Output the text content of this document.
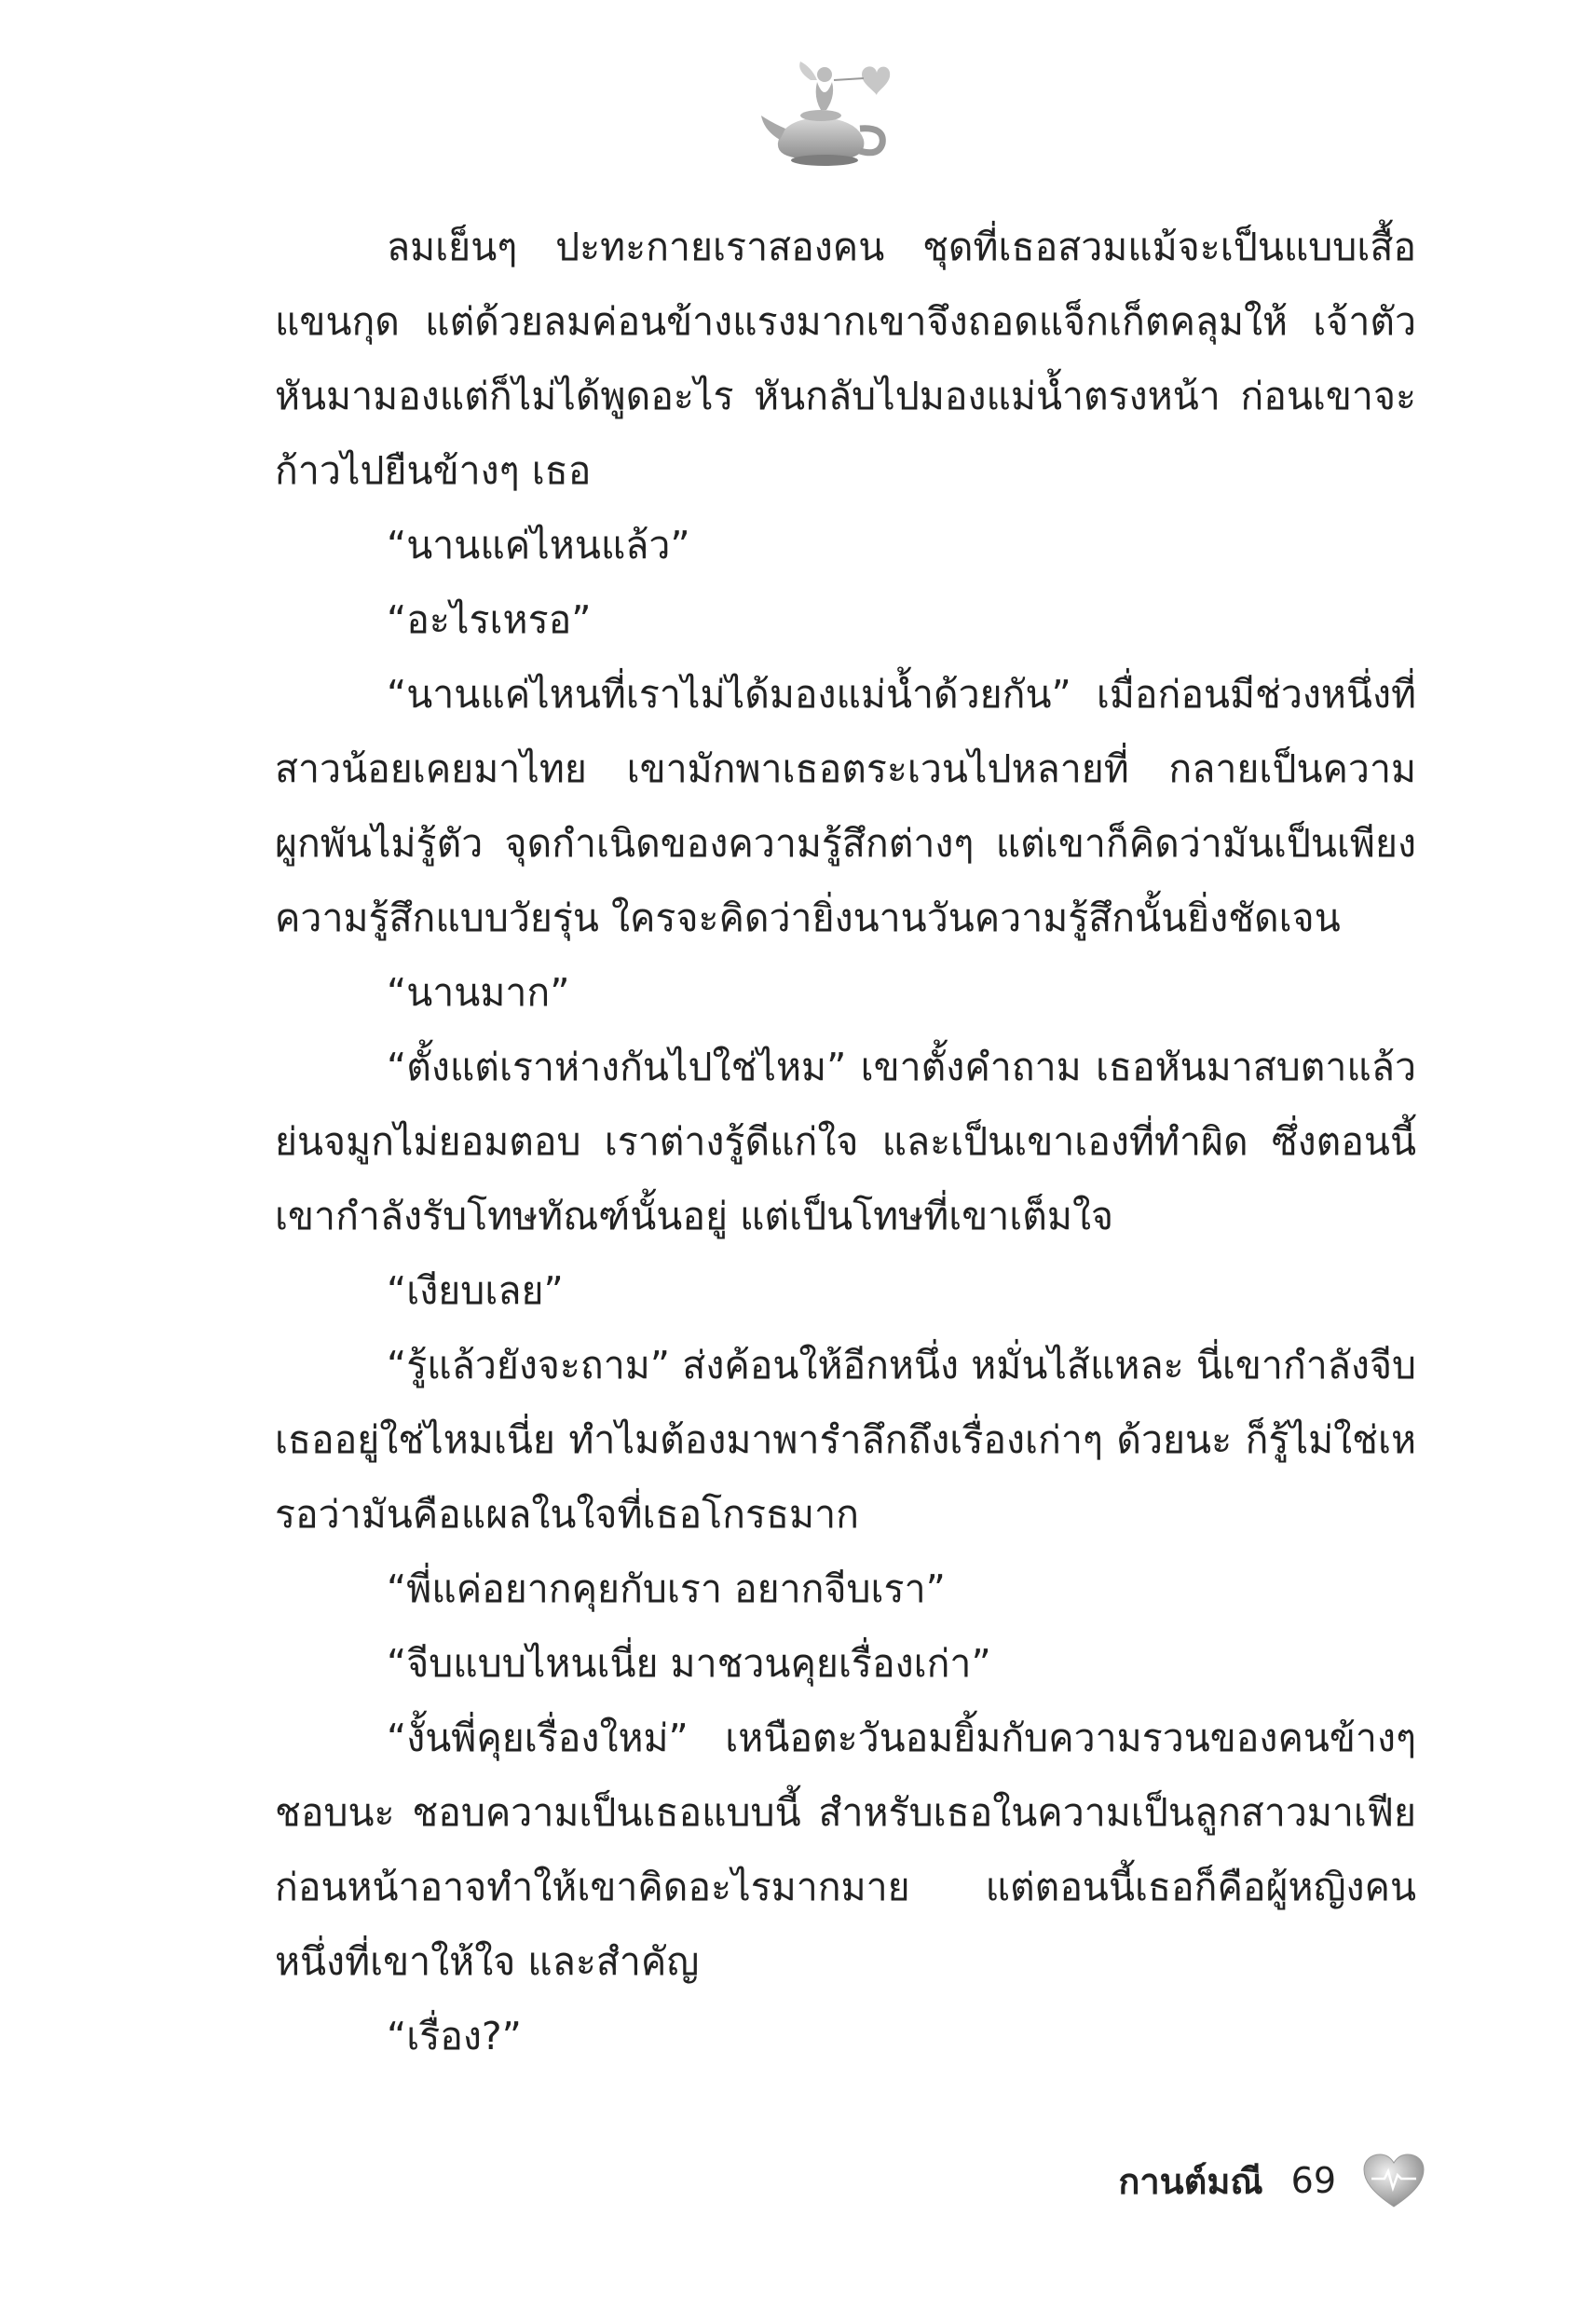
ลมเย็นๆ ปะทะกายเราสองคน ชุดที่เธอสวมแม้จะเป็นแบบเสื้อแขนกุด แต่ด้วยลมค่อนข้างแรงมากเขาจึงถอดแจ็กเก็ตคลุมให้ เจ้าตัวหันมามองแต่ก็ไม่ได้พูดอะไร หันกลับไปมองแม่น้ำตรงหน้า ก่อนเขาจะก้าวไปยืนข้างๆ เธอ

“นานแค่ไหนแล้ว”

“อะไรเหรอ”

“นานแค่ไหนที่เราไม่ได้มองแม่น้ำด้วยกัน” เมื่อก่อนมีช่วงหนึ่งที่สาวน้อยเคยมาไทย เขามักพาเธอตระเวนไปหลายที่ กลายเป็นความผูกพันไม่รู้ตัว จุดกำเนิดของความรู้สึกต่างๆ แต่เขาก็คิดว่ามันเป็นเพียงความรู้สึกแบบวัยรุ่น ใครจะคิดว่ายิ่งนานวันความรู้สึกนั้นยิ่งชัดเจน

“นานมาก”

“ตั้งแต่เราห่างกันไปใช่ไหม” เขาตั้งคำถาม เธอหันมาสบตาแล้วย่นจมูกไม่ยอมตอบ เราต่างรู้ดีแก่ใจ และเป็นเขาเองที่ทำผิด ซึ่งตอนนี้เขากำลังรับโทษทัณฑ์นั้นอยู่ แต่เป็นโทษที่เขาเต็มใจ

“เงียบเลย”

“รู้แล้วยังจะถาม” ส่งค้อนให้อีกหนึ่ง หมั่นไส้แหละ นี่เขากำลังจีบเธออยู่ใช่ไหมเนี่ย ทำไมต้องมาพารำลึกถึงเรื่องเก่าๆ ด้วยนะ ก็รู้ไม่ใช่เหรอว่ามันคือแผลในใจที่เธอโกรธมาก

“พี่แค่อยากคุยกับเรา อยากจีบเรา”

“จีบแบบไหนเนี่ย มาชวนคุยเรื่องเก่า”

“งั้นพี่คุยเรื่องใหม่” เหนือตะวันอมยิ้มกับความรวนของคนข้างๆ ชอบนะ ชอบความเป็นเธอแบบนี้ สำหรับเธอในความเป็นลูกสาวมาเฟียก่อนหน้าอาจทำให้เขาคิดอะไรมากมาย แต่ตอนนี้เธอก็คือผู้หญิงคนหนึ่งที่เขาให้ใจ และสำคัญ

“เรื่อง?”

กานต์มณี 69
